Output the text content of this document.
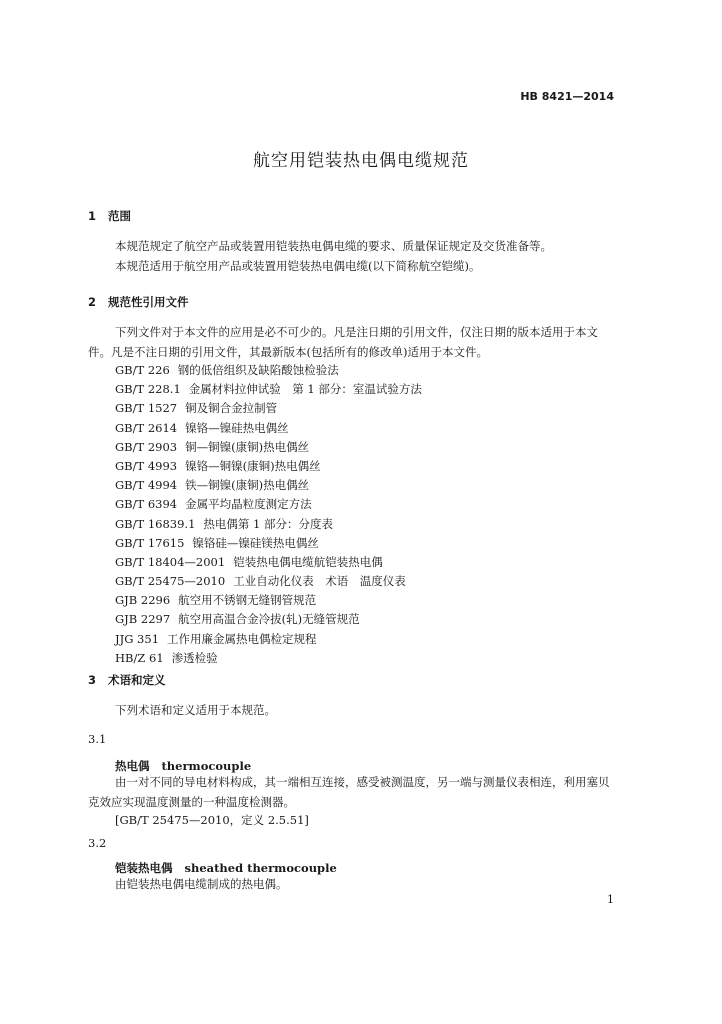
HB 8421—2014
航空用铠装热电偶电缆规范
1 范围
本规范规定了航空产品或装置用铠装热电偶电缆的要求、质量保证规定及交货准备等。
本规范适用于航空用产品或装置用铠装热电偶电缆(以下简称航空铠缆)。
2 规范性引用文件
下列文件对于本文件的应用是必不可少的。凡是注日期的引用文件，仅注日期的版本适用于本文件。凡是不注日期的引用文件，其最新版本(包括所有的修改单)适用于本文件。
GB/T 226 钢的低倍组织及缺陷酸蚀检验法
GB/T 228.1 金属材料拉伸试验　第 1 部分：室温试验方法
GB/T 1527 铜及铜合金拉制管
GB/T 2614 镍铬—镍硅热电偶丝
GB/T 2903 铜—铜镍(康铜)热电偶丝
GB/T 4993 镍铬—铜镍(康铜)热电偶丝
GB/T 4994 铁—铜镍(康铜)热电偶丝
GB/T 6394 金属平均晶粒度测定方法
GB/T 16839.1 热电偶第 1 部分：分度表
GB/T 17615 镍铬硅—镍硅镁热电偶丝
GB/T 18404—2001 铠装热电偶电缆航铠装热电偶
GB/T 25475—2010 工业自动化仪表　术语　温度仪表
GJB 2296 航空用不锈钢无缝钢管规范
GJB 2297 航空用高温合金冷拔(轧)无缝管规范
JJG 351 工作用廉金属热电偶检定规程
HB/Z 61 渗透检验
3 术语和定义
下列术语和定义适用于本规范。
3.1
热电偶 thermocouple
由一对不同的导电材料构成，其一端相互连接，感受被测温度，另一端与测量仪表相连，利用塞贝克效应实现温度测量的一种温度检测器。
[GB/T 25475—2010，定义 2.5.51]
3.2
铠装热电偶 sheathed thermocouple
由铠装热电偶电缆制成的热电偶。
1
